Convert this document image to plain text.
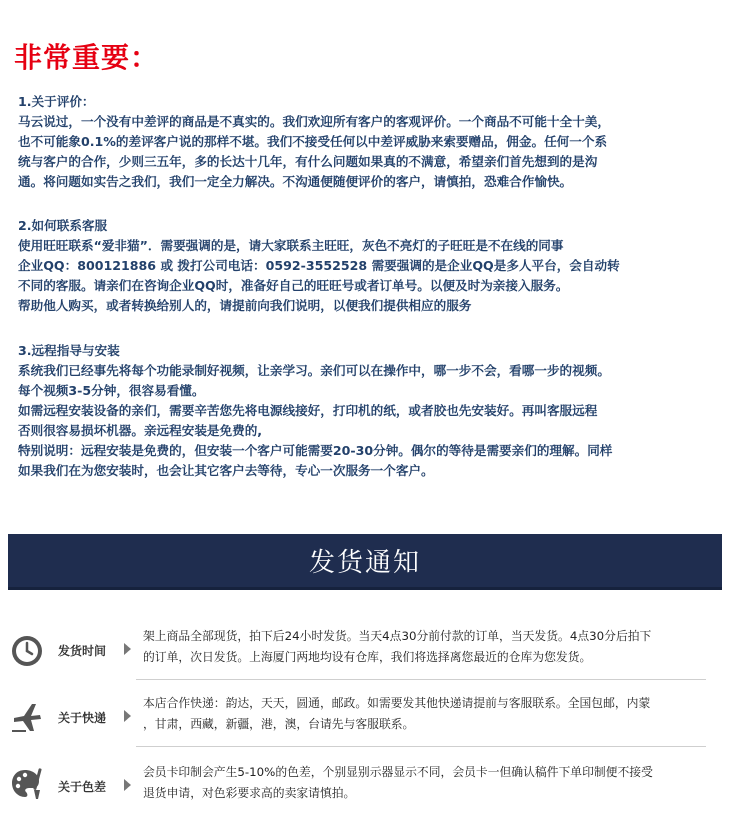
非常重要：
1.关于评价：
马云说过，一个没有中差评的商品是不真实的。我们欢迎所有客户的客观评价。一个商品不可能十全十美，
也不可能象0.1%的差评客户说的那样不堪。我们不接受任何以中差评威胁来索要赠品，佣金。任何一个系
统与客户的合作，少则三五年，多的长达十几年，有什么问题如果真的不满意，希望亲们首先想到的是沟
通。将问题如实告之我们，我们一定全力解决。不沟通便随便评价的客户，请慎拍，恐难合作愉快。
2.如何联系客服
使用旺旺联系“爱非猫”．需要强调的是，请大家联系主旺旺，灰色不亮灯的子旺旺是不在线的同事
企业QQ：800121886 或 拨打公司电话：0592-3552528 需要强调的是企业QQ是多人平台，会自动转
不同的客服。请亲们在咨询企业QQ时，准备好自己的旺旺号或者订单号。以便及时为亲接入服务。
帮助他人购买，或者转换给别人的，请提前向我们说明，以便我们提供相应的服务
3.远程指导与安装
系统我们已经事先将每个功能录制好视频，让亲学习。亲们可以在操作中，哪一步不会，看哪一步的视频。
每个视频3-5分钟，很容易看懂。
如需远程安装设备的亲们，需要辛苦您先将电源线接好，打印机的纸，或者胶也先安装好。再叫客服远程
否则很容易损坏机器。亲远程安装是免费的,
特别说明：远程安装是免费的，但安装一个客户可能需要20-30分钟。偶尔的等待是需要亲们的理解。同样
如果我们在为您安装时，也会让其它客户去等待，专心一次服务一个客户。
发货通知
发货时间
架上商品全部现货，拍下后24小时发货。当天4点30分前付款的订单，当天发货。4点30分后拍下
的订单，次日发货。上海厦门两地均设有仓库，我们将选择离您最近的仓库为您发货。
关于快递
本店合作快递：韵达，天天，圆通，邮政。如需要发其他快递请提前与客服联系。全国包邮，内蒙
，甘肃，西藏，新疆，港，澳，台请先与客服联系。
关于色差
会员卡印制会产生5-10%的色差，个别显别示器显示不同，会员卡一但确认稿件下单印制便不接受
退货申请，对色彩要求高的卖家请慎拍。
